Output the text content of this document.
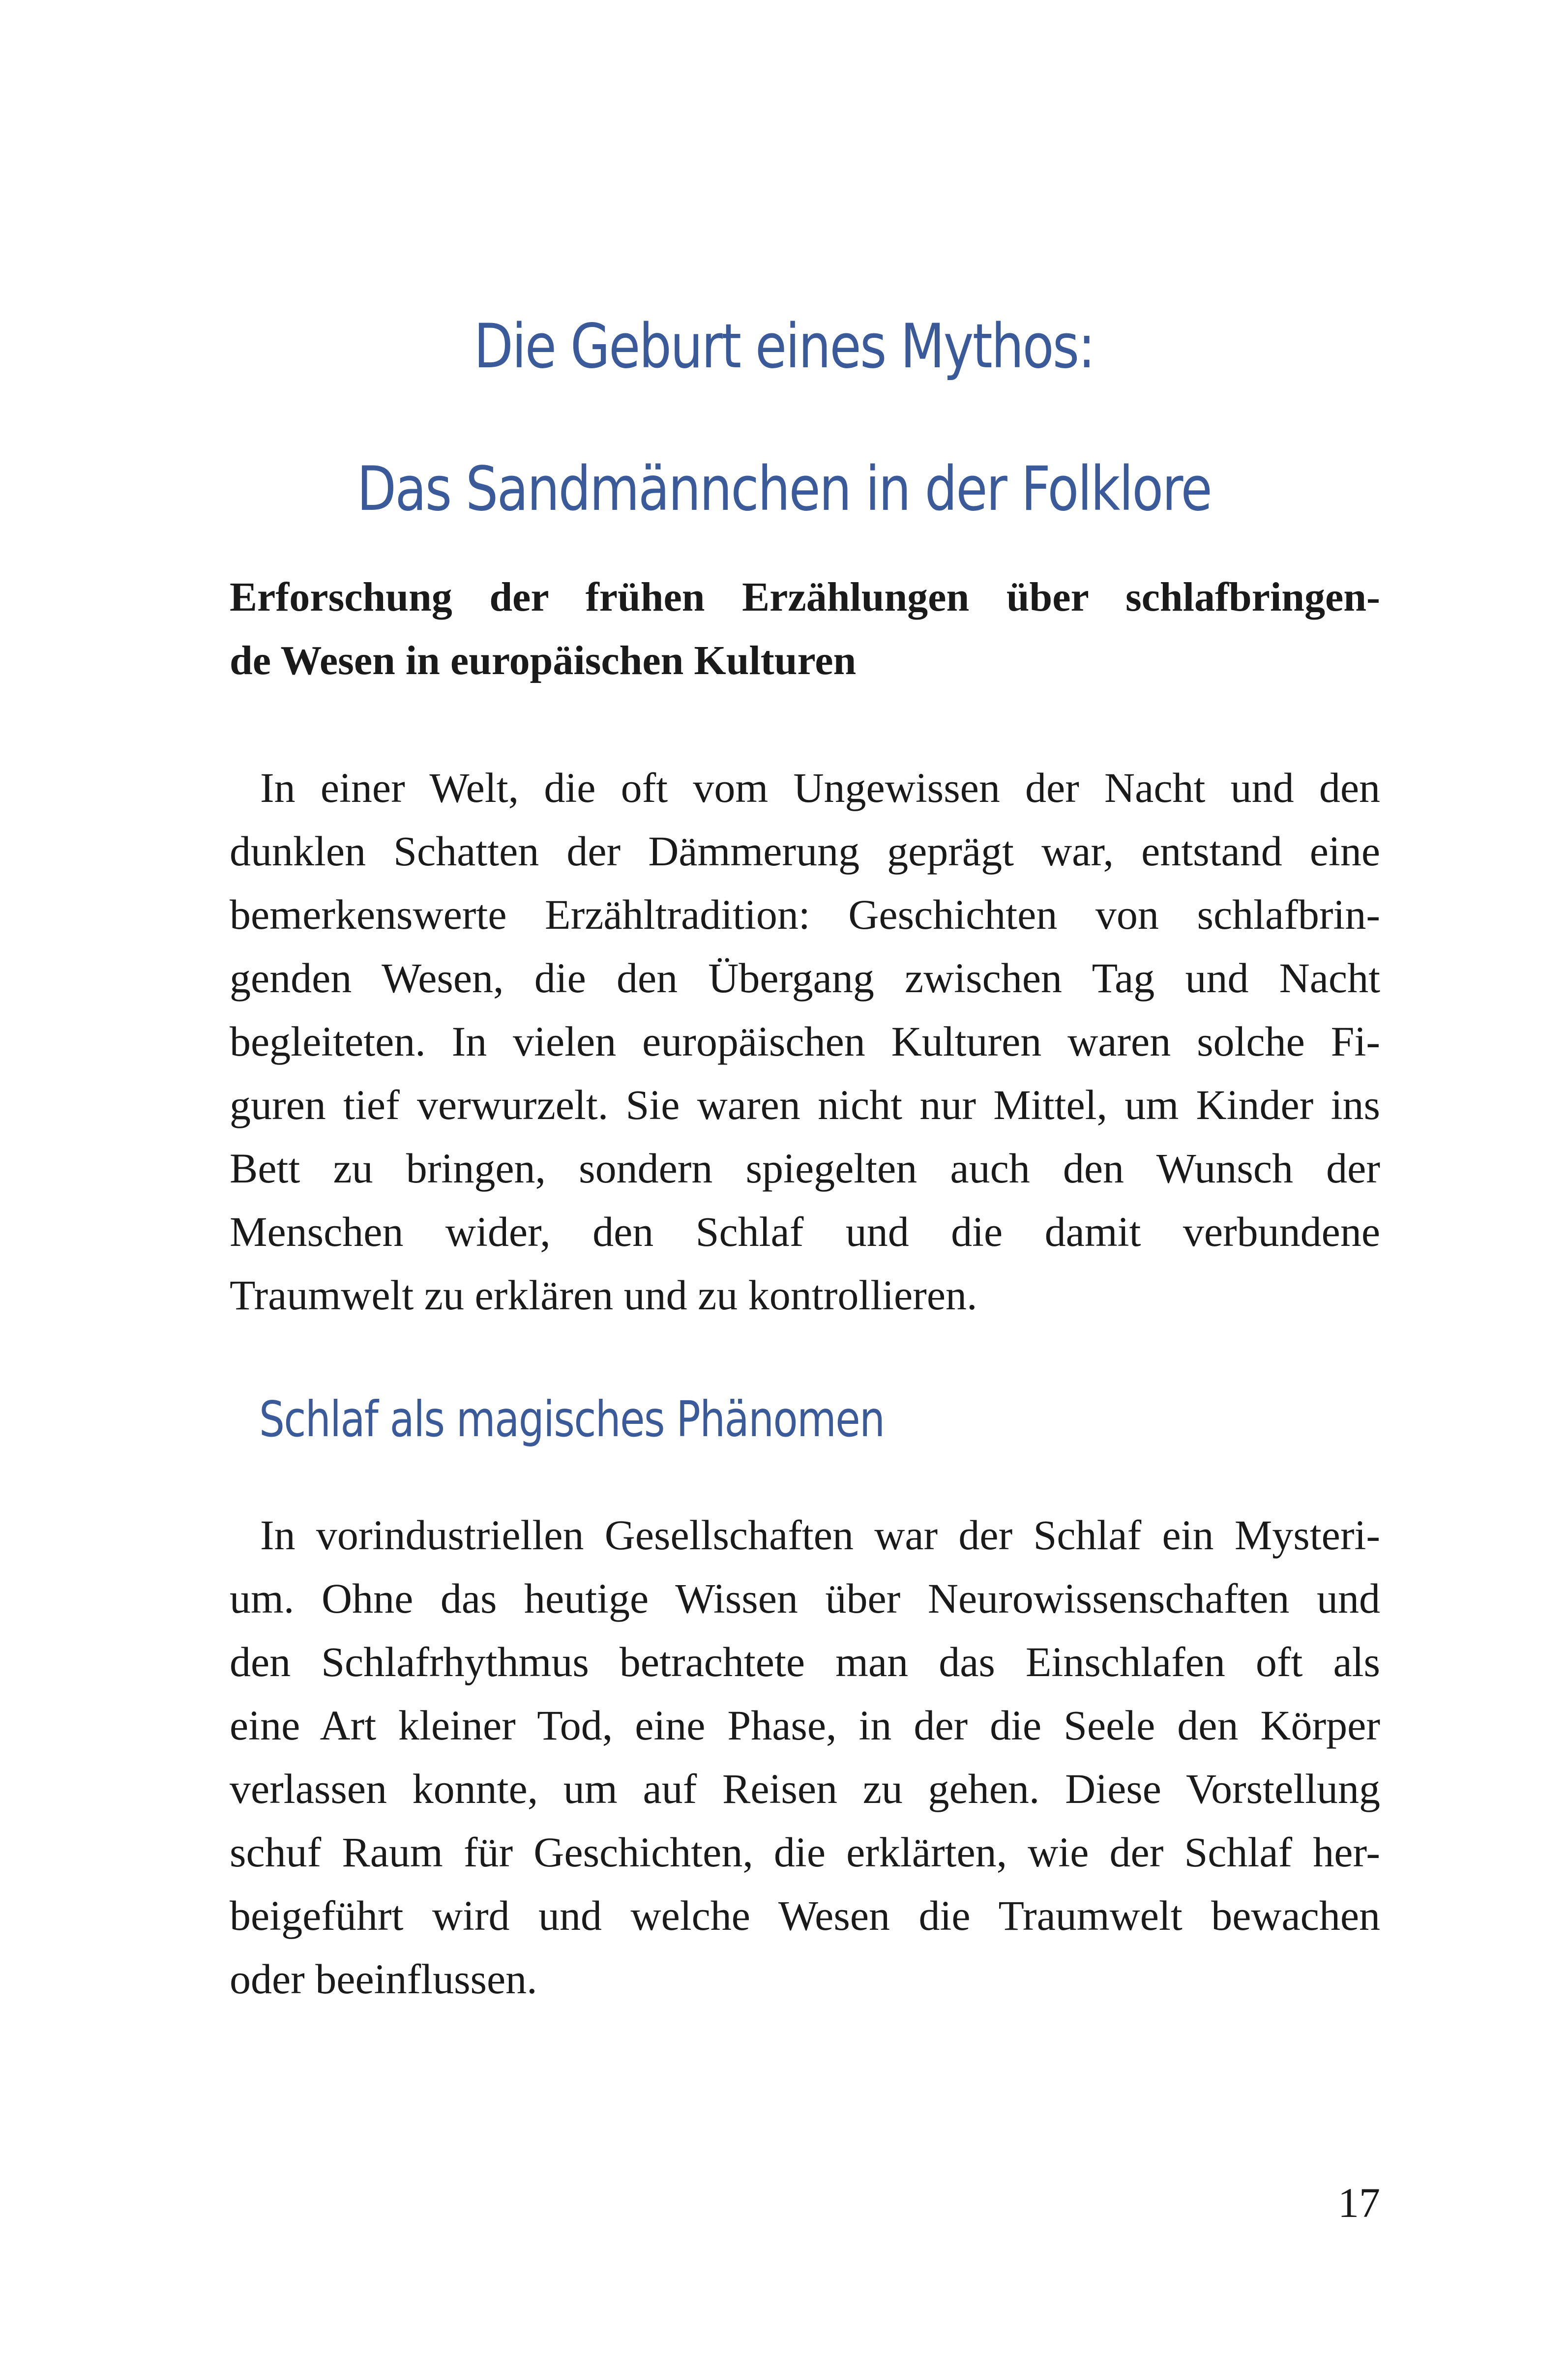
Die Geburt eines Mythos:
Das Sandmännchen in der Folklore
Erforschung der frühen Erzählungen über schlafbringen-
de Wesen in europäischen Kulturen
In einer Welt, die oft vom Ungewissen der Nacht und den
dunklen Schatten der Dämmerung geprägt war, entstand eine
bemerkenswerte Erzähltradition: Geschichten von schlafbrin-
genden Wesen, die den Übergang zwischen Tag und Nacht
begleiteten. In vielen europäischen Kulturen waren solche Fi-
guren tief verwurzelt. Sie waren nicht nur Mittel, um Kinder ins
Bett zu bringen, sondern spiegelten auch den Wunsch der
Menschen wider, den Schlaf und die damit verbundene
Traumwelt zu erklären und zu kontrollieren.
Schlaf als magisches Phänomen
In vorindustriellen Gesellschaften war der Schlaf ein Mysteri-
um. Ohne das heutige Wissen über Neurowissenschaften und
den Schlafrhythmus betrachtete man das Einschlafen oft als
eine Art kleiner Tod, eine Phase, in der die Seele den Körper
verlassen konnte, um auf Reisen zu gehen. Diese Vorstellung
schuf Raum für Geschichten, die erklärten, wie der Schlaf her-
beigeführt wird und welche Wesen die Traumwelt bewachen
oder beeinflussen.
17
